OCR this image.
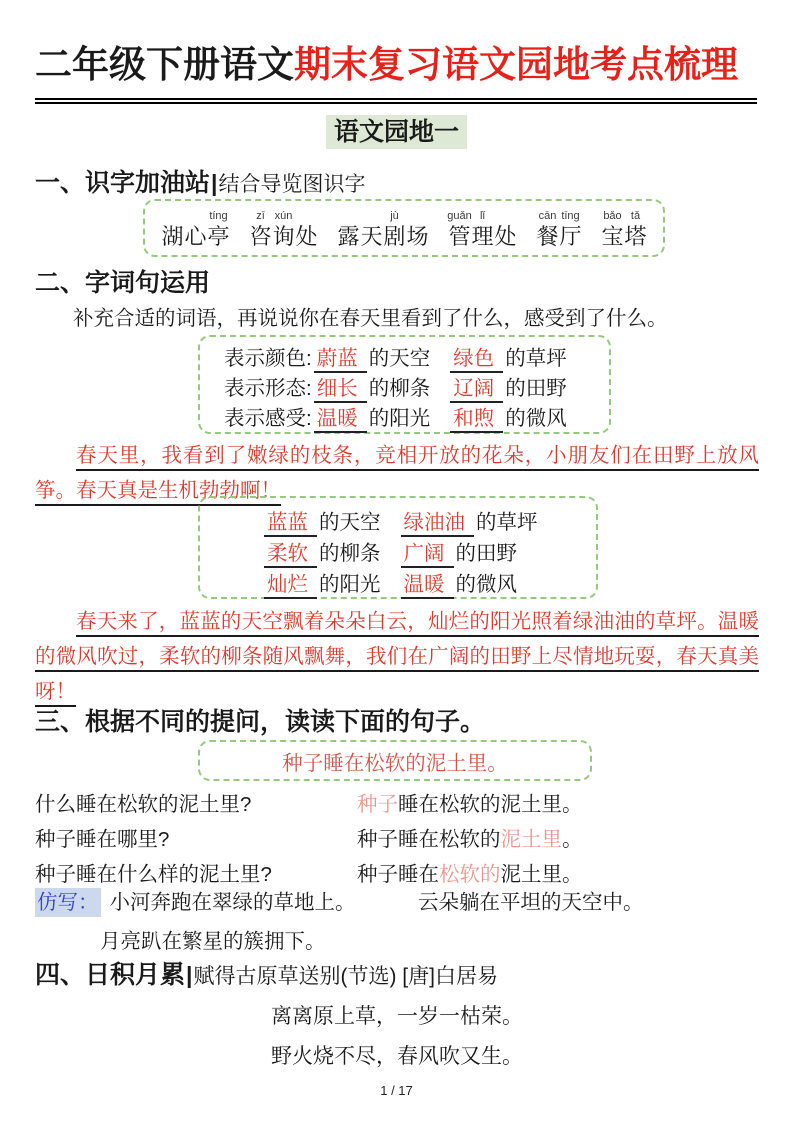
二年级下册语文期末复习语文园地考点梳理
语文园地一
一、识字加油站|结合导览图识字
湖 心
tíng
亭
zī
咨
xún
询 处 露 天
jù
剧 场
guǎn
管
lǐ
理 处
cān
餐
tīng
厅
bǎo
宝
tǎ
塔
二、字词句运用
补充合适的词语，再说说你在春天里看到了什么，感受到了什么。
表示颜色: 蔚蓝 的天空 绿色 的草坪
表示形态: 细长 的柳条 辽阔 的田野
表示感受: 温暖 的阳光 和煦 的微风
春天里，我看到了嫩绿的枝条，竞相开放的花朵，小朋友们在田野上放风筝。春天真是生机勃勃啊！
蓝蓝 的天空 绿油油 的草坪
柔软 的柳条 广阔 的田野
灿烂 的阳光 温暖 的微风
春天来了，蓝蓝的天空飘着朵朵白云，灿烂的阳光照着绿油油的草坪。温暖的微风吹过，柔软的柳条随风飘舞，我们在广阔的田野上尽情地玩耍，春天真美呀！
三、根据不同的提问，读读下面的句子。
种子睡在松软的泥土里。
什么睡在松软的泥土里?	种子睡在松软的泥土里。
种子睡在哪里?	种子睡在松软的泥土里。
种子睡在什么样的泥土里?	种子睡在松软的泥土里。
仿写： 小河奔跑在翠绿的草地上。	云朵躺在平坦的天空中。
月亮趴在繁星的簇拥下。
四、日积月累|赋得古原草送别(节选) [唐]白居易
离离原上草，一岁一枯荣。
野火烧不尽，春风吹又生。
1 / 17
